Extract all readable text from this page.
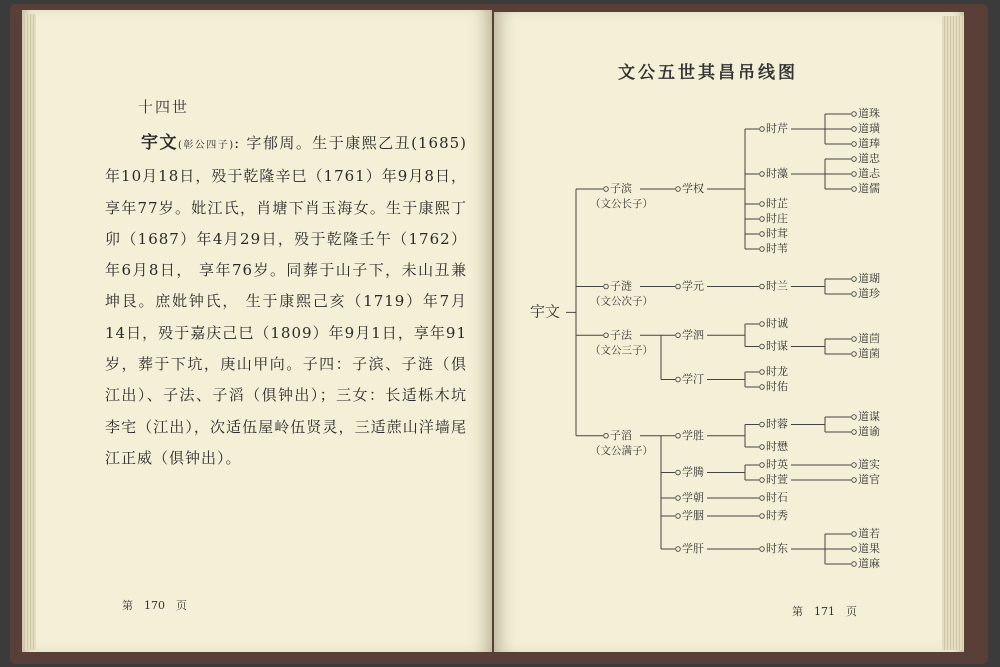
十四世

宇文(彰公四子): 字郁周。生于康熙乙丑(1685)年10月18日，殁于乾隆辛巳（1761）年9月8日，享年77岁。妣江氏，肖塘下肖玉海女。生于康熙丁卯（1687）年4月29日，殁于乾隆壬午（1762）年6月8日， 享年76岁。同葬于山子下，未山丑兼坤艮。庶妣钟氏， 生于康熙己亥（1719）年7月14日，殁于嘉庆己巳（1809）年9月1日，享年91岁，葬于下坑，庚山甲向。子四：子滨、子涟（俱江出）、子法、子滔（俱钟出）；三女：长适栎木坑李宅（江出），次适伍屋岭伍贤灵，三适蔗山洋墙尾江正威（俱钟出）。

第　170　页
文公五世其昌吊线图
道珠
道璜
道琫
时芹
道忠
道忐
道儒
时藻
时芷
时庄
时茸
时苇
学权
子滨
（文公长子）
道瑚
道珍
时兰
学元
子涟
（文公次子）
时诚
道茴
道菌
时谋
学泗
时龙
时佑
学汀
子法
（文公三子）
道谋
道谕
时蓉
时懋
学胜
道实
时英
道官
时萱
学腾
时石
学朝
时秀
学胭
道若
道果
道麻
时东
学肝
子滔
（文公满子）
宇文
第　171　页
